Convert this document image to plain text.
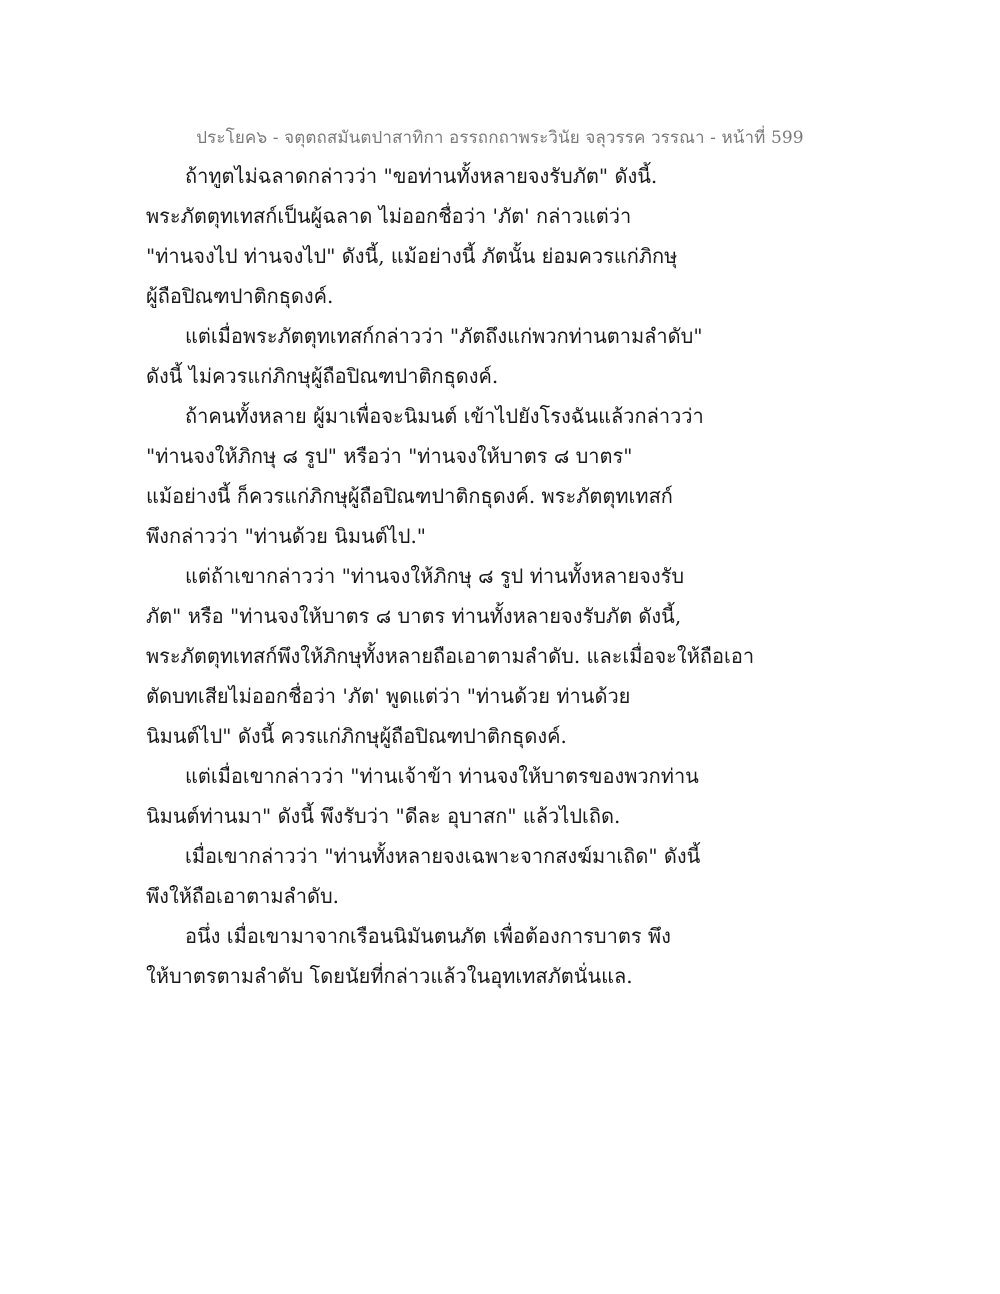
ประโยค๖ - จตุตถสมันตปาสาทิกา อรรถกถาพระวินัย จลุวรรค วรรณา - หน้าที่ 599
ถ้าทูตไม่ฉลาดกล่าวว่า "ขอท่านทั้งหลายจงรับภัต" ดังนี้.
พระภัตตุทเทสก์เป็นผู้ฉลาด ไม่ออกชื่อว่า 'ภัต' กล่าวแต่ว่า
"ท่านจงไป ท่านจงไป" ดังนี้, แม้อย่างนี้ ภัตนั้น ย่อมควรแก่ภิกษุ
ผู้ถือปิณฑปาติกธุดงค์.
แต่เมื่อพระภัตตุทเทสก์กล่าวว่า "ภัตถึงแก่พวกท่านตามลำดับ"
ดังนี้ ไม่ควรแก่ภิกษุผู้ถือปิณฑปาติกธุดงค์.
ถ้าคนทั้งหลาย ผู้มาเพื่อจะนิมนต์ เข้าไปยังโรงฉันแล้วกล่าวว่า
"ท่านจงให้ภิกษุ ๘ รูป" หรือว่า "ท่านจงให้บาตร ๘ บาตร"
แม้อย่างนี้ ก็ควรแก่ภิกษุผู้ถือปิณฑปาติกธุดงค์. พระภัตตุทเทสก์
พึงกล่าวว่า "ท่านด้วย นิมนต์ไป."
แต่ถ้าเขากล่าวว่า "ท่านจงให้ภิกษุ ๘ รูป ท่านทั้งหลายจงรับ
ภัต" หรือ "ท่านจงให้บาตร ๘ บาตร ท่านทั้งหลายจงรับภัต ดังนี้,
พระภัตตุทเทสก์พึงให้ภิกษุทั้งหลายถือเอาตามลำดับ. และเมื่อจะให้ถือเอา
ตัดบทเสียไม่ออกชื่อว่า 'ภัต' พูดแต่ว่า "ท่านด้วย ท่านด้วย
นิมนต์ไป" ดังนี้ ควรแก่ภิกษุผู้ถือปิณฑปาติกธุดงค์.
แต่เมื่อเขากล่าวว่า "ท่านเจ้าข้า ท่านจงให้บาตรของพวกท่าน
นิมนต์ท่านมา" ดังนี้ พึงรับว่า "ดีละ อุบาสก" แล้วไปเถิด.
เมื่อเขากล่าวว่า "ท่านทั้งหลายจงเฉพาะจากสงฆ์มาเถิด" ดังนี้
พึงให้ถือเอาตามลำดับ.
อนึ่ง เมื่อเขามาจากเรือนนิมันตนภัต เพื่อต้องการบาตร พึง
ให้บาตรตามลำดับ โดยนัยที่กล่าวแล้วในอุทเทสภัตนั่นแล.
